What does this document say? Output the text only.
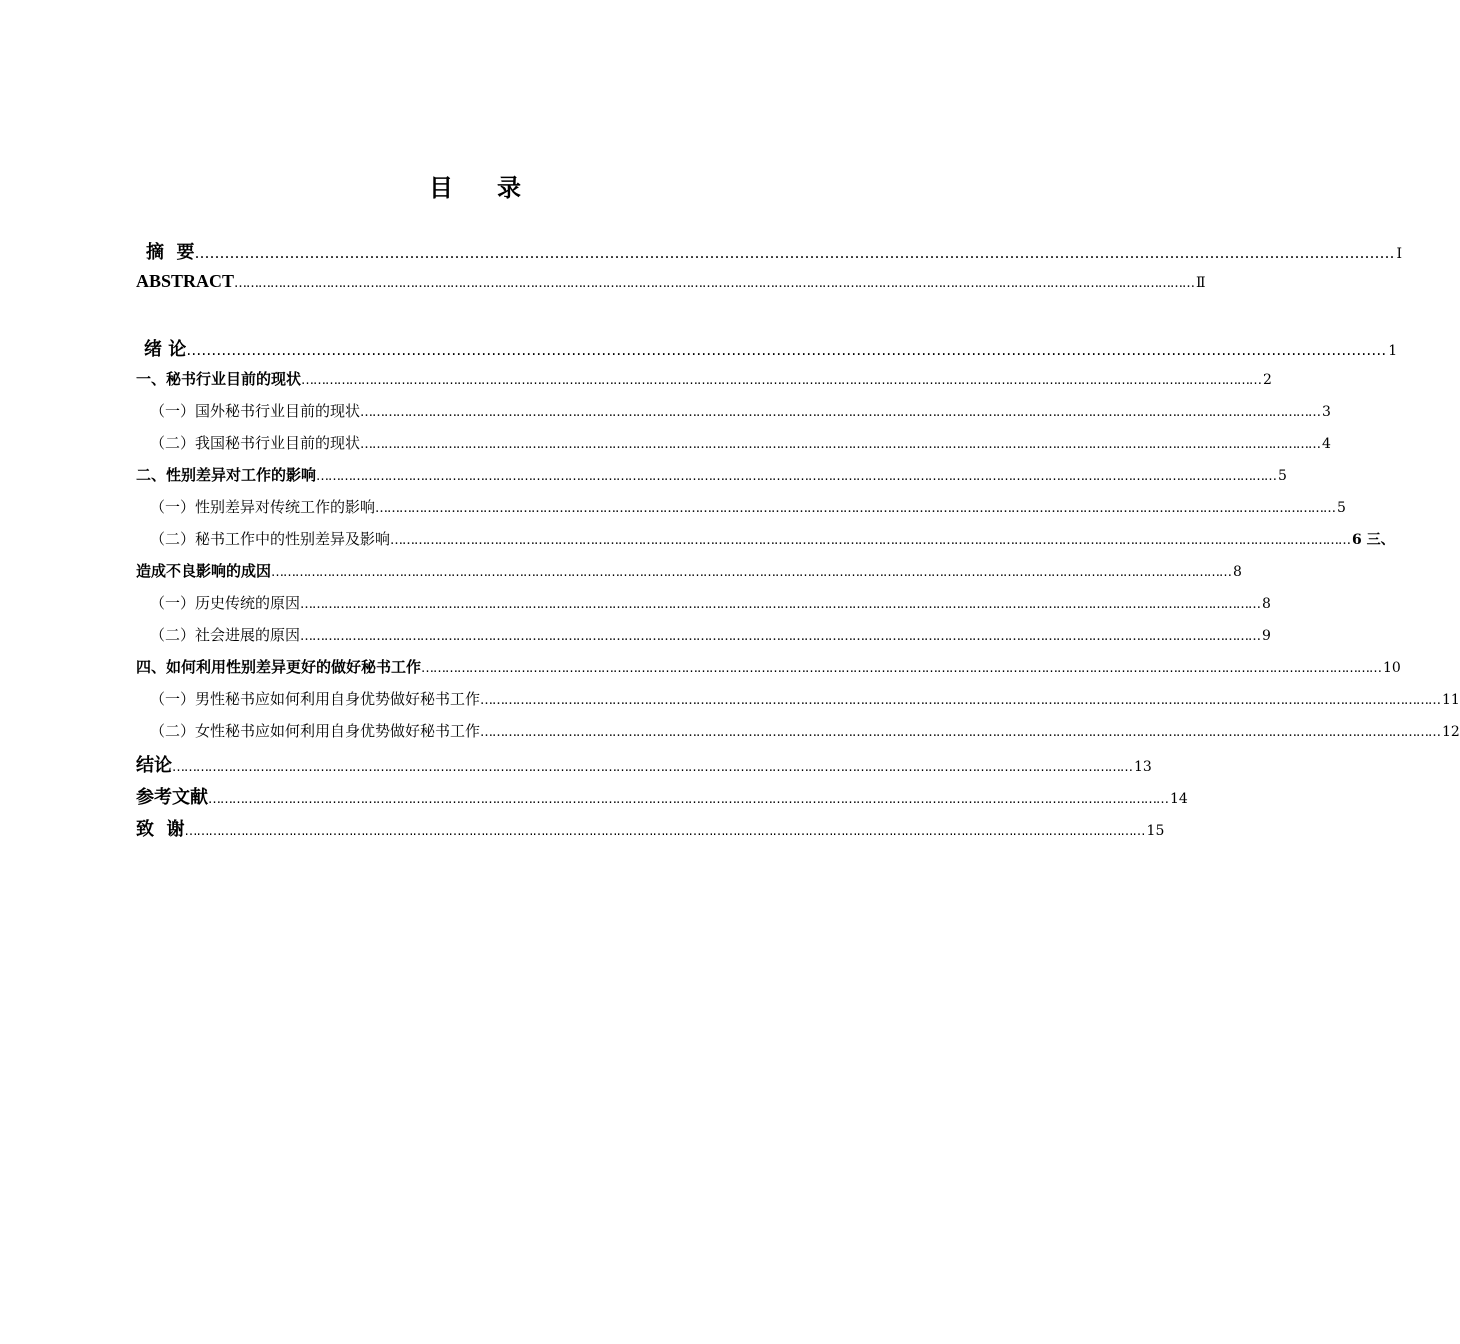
目 录
摘  要 …………………………………………………………………………………………………………………………………………………………………………………………………………………… Ⅰ
ABSTRACT …………………………………………………………………………………………………………………………………………………………………………………………………………………… Ⅱ
绪 论 …………………………………………………………………………………………………………………………………………………………………………………………………………………… 1
一、秘书行业目前的现状 …………………………………………………………………………………………………………………………………………………………………………………………………………………… 2
（一）国外秘书行业目前的现状 …………………………………………………………………………………………………………………………………………………………………………………………………………………… 3
（二）我国秘书行业目前的现状 …………………………………………………………………………………………………………………………………………………………………………………………………………………… 4
二、性别差异对工作的影响 …………………………………………………………………………………………………………………………………………………………………………………………………………………… 5
（一）性别差异对传统工作的影响 …………………………………………………………………………………………………………………………………………………………………………………………………………………… 5
（二）秘书工作中的性别差异及影响 …………………………………………………………………………………………………………………………………………………………………………………………………………………… 6 三、
造成不良影响的成因 …………………………………………………………………………………………………………………………………………………………………………………………………………………… 8
（一）历史传统的原因 …………………………………………………………………………………………………………………………………………………………………………………………………………………… 8
（二）社会进展的原因 …………………………………………………………………………………………………………………………………………………………………………………………………………………… 9
四、如何利用性别差异更好的做好秘书工作 …………………………………………………………………………………………………………………………………………………………………………………………………………………… 10
（一）男性秘书应如何利用自身优势做好秘书工作 …………………………………………………………………………………………………………………………………………………………………………………………………………………… 11
（二）女性秘书应如何利用自身优势做好秘书工作 …………………………………………………………………………………………………………………………………………………………………………………………………………………… 12
结论 …………………………………………………………………………………………………………………………………………………………………………………………………………………… 13
参考文献 …………………………………………………………………………………………………………………………………………………………………………………………………………………… 14
致  谢 …………………………………………………………………………………………………………………………………………………………………………………………………………………… 15
